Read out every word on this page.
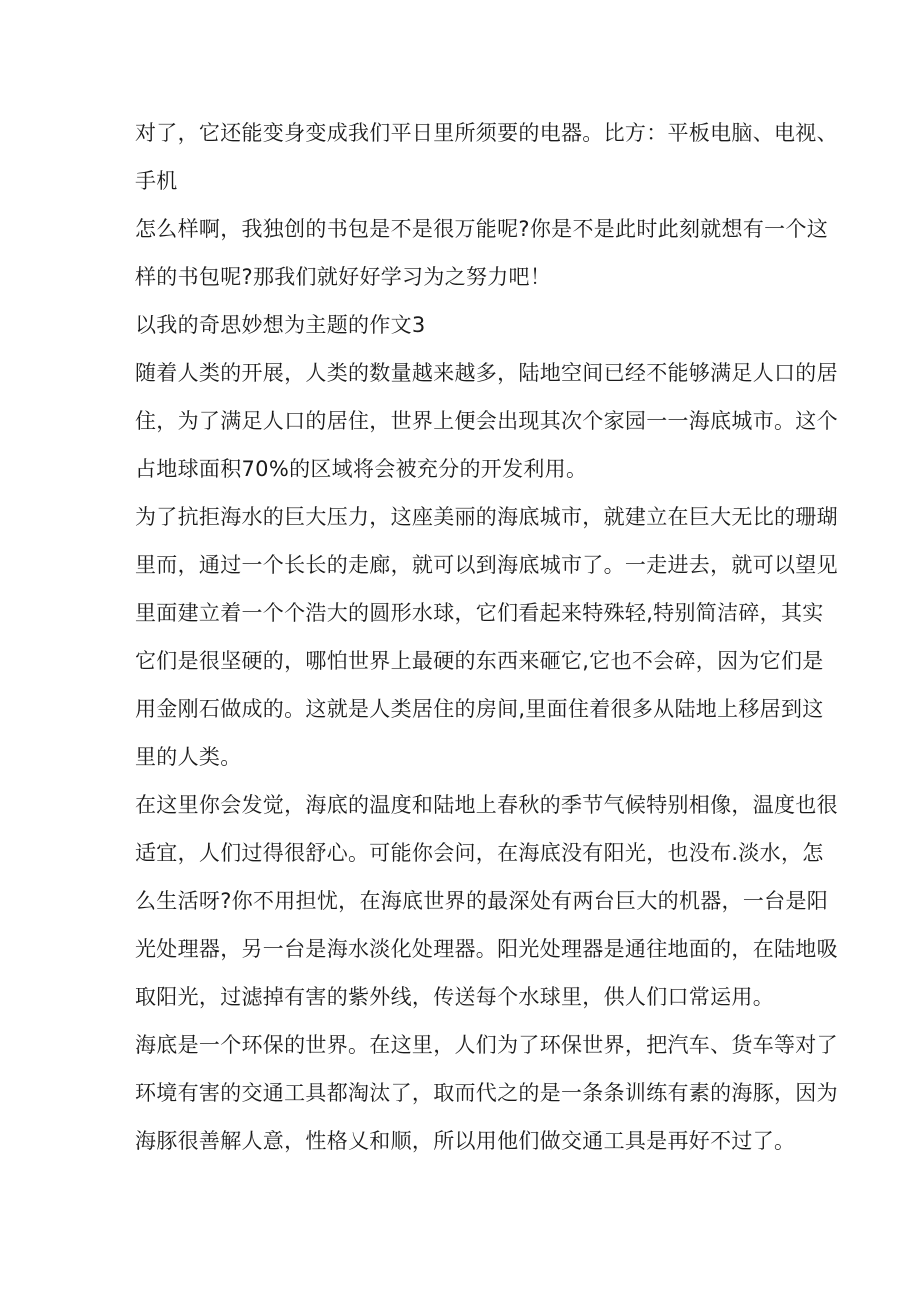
对了，它还能变身变成我们平日里所须要的电器。比方：平板电脑、电视、
手机
怎么样啊，我独创的书包是不是很万能呢?你是不是此时此刻就想有一个这
样的书包呢?那我们就好好学习为之努力吧！
以我的奇思妙想为主题的作文3
随着人类的开展，人类的数量越来越多，陆地空间已经不能够满足人口的居
住，为了满足人口的居住，世界上便会出现其次个家园一一海底城市。这个
占地球面积70%的区域将会被充分的开发利用。
为了抗拒海水的巨大压力，这座美丽的海底城市，就建立在巨大无比的珊瑚
里而，通过一个长长的走廊，就可以到海底城市了。一走进去，就可以望见
里面建立着一个个浩大的圆形水球，它们看起来特殊轻,特别简洁碎，其实
它们是很坚硬的，哪怕世界上最硬的东西来砸它,它也不会碎，因为它们是
用金刚石做成的。这就是人类居住的房间,里面住着很多从陆地上移居到这
里的人类。
在这里你会发觉，海底的温度和陆地上春秋的季节气候特别相像，温度也很
适宜，人们过得很舒心。可能你会问，在海底没有阳光，也没布.淡水，怎
么生活呀?你不用担忧，在海底世界的最深处有两台巨大的机器，一台是阳
光处理器，另一台是海水淡化处理器。阳光处理器是通往地面的，在陆地吸
取阳光，过滤掉有害的紫外线，传送每个水球里，供人们口常运用。
海底是一个环保的世界。在这里，人们为了环保世界，把汽车、货车等对了
环境有害的交通工具都淘汰了，取而代之的是一条条训练有素的海豚，因为
海豚很善解人意，性格乂和顺，所以用他们做交通工具是再好不过了。
